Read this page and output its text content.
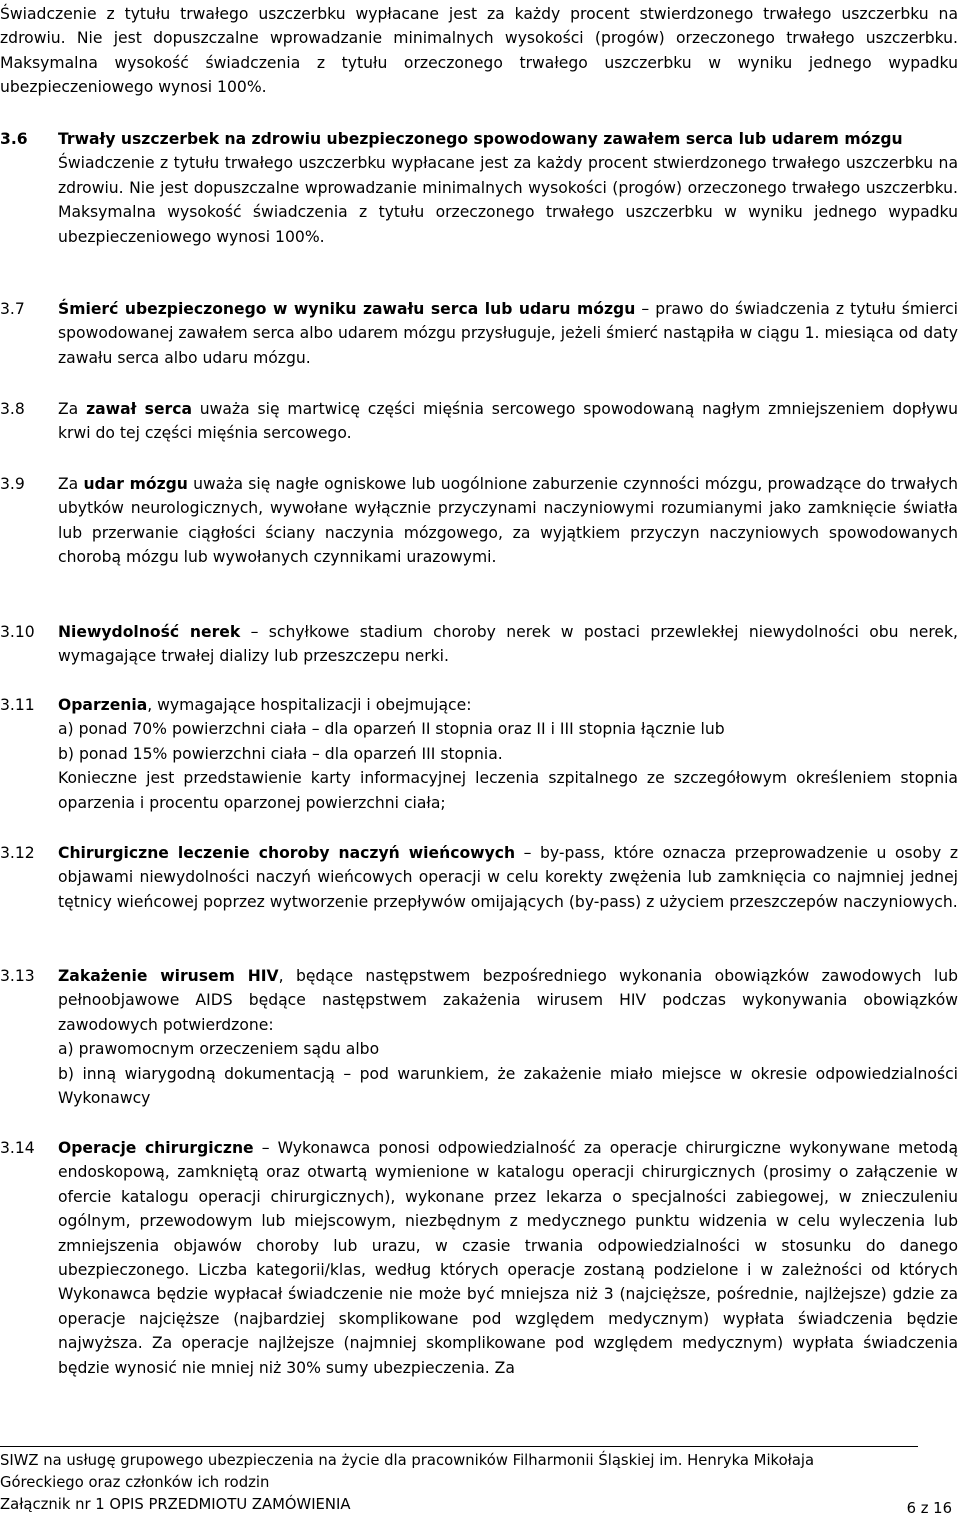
Świadczenie z tytułu trwałego uszczerbku wypłacane jest za każdy procent stwierdzonego trwałego uszczerbku na zdrowiu. Nie jest dopuszczalne wprowadzanie minimalnych wysokości (progów) orzeczonego trwałego uszczerbku. Maksymalna wysokość świadczenia z tytułu orzeczonego trwałego uszczerbku w wyniku jednego wypadku ubezpieczeniowego wynosi 100%.
3.6 Trwały uszczerbek na zdrowiu ubezpieczonego spowodowany zawałem serca lub udarem mózgu
Świadczenie z tytułu trwałego uszczerbku wypłacane jest za każdy procent stwierdzonego trwałego uszczerbku na zdrowiu. Nie jest dopuszczalne wprowadzanie minimalnych wysokości (progów) orzeczonego trwałego uszczerbku. Maksymalna wysokość świadczenia z tytułu orzeczonego trwałego uszczerbku w wyniku jednego wypadku ubezpieczeniowego wynosi 100%.
3.7 Śmierć ubezpieczonego w wyniku zawału serca lub udaru mózgu – prawo do świadczenia z tytułu śmierci spowodowanej zawałem serca albo udarem mózgu przysługuje, jeżeli śmierć nastąpiła w ciągu 1. miesiąca od daty zawału serca albo udaru mózgu.
3.8 Za zawał serca uważa się martwicę części mięśnia sercowego spowodowaną nagłym zmniejszeniem dopływu krwi do tej części mięśnia sercowego.
3.9 Za udar mózgu uważa się nagłe ogniskowe lub uogólnione zaburzenie czynności mózgu, prowadzące do trwałych ubytków neurologicznych, wywołane wyłącznie przyczynami naczyniowymi rozumianymi jako zamknięcie światła lub przerwanie ciągłości ściany naczynia mózgowego, za wyjątkiem przyczyn naczyniowych spowodowanych chorobą mózgu lub wywołanych czynnikami urazowymi.
3.10 Niewydolność nerek – schyłkowe stadium choroby nerek w postaci przewlekłej niewydolności obu nerek, wymagające trwałej dializy lub przeszczepu nerki.
3.11 Oparzenia, wymagające hospitalizacji i obejmujące:
a) ponad 70% powierzchni ciała – dla oparzeń II stopnia oraz II i III stopnia łącznie lub
b) ponad 15% powierzchni ciała – dla oparzeń III stopnia.
Konieczne jest przedstawienie karty informacyjnej leczenia szpitalnego ze szczegółowym określeniem stopnia oparzenia i procentu oparzonej powierzchni ciała;
3.12 Chirurgiczne leczenie choroby naczyń wieńcowych – by-pass, które oznacza przeprowadzenie u osoby z objawami niewydolności naczyń wieńcowych operacji w celu korekty zwężenia lub zamknięcia co najmniej jednej tętnicy wieńcowej poprzez wytworzenie przepływów omijających (by-pass) z użyciem przeszczepów naczyniowych.
3.13 Zakażenie wirusem HIV, będące następstwem bezpośredniego wykonania obowiązków zawodowych lub pełnoobjawowe AIDS będące następstwem zakażenia wirusem HIV podczas wykonywania obowiązków zawodowych potwierdzone:
a) prawomocnym orzeczeniem sądu albo
b) inną wiarygodną dokumentacją – pod warunkiem, że zakażenie miało miejsce w okresie odpowiedzialności Wykonawcy
3.14 Operacje chirurgiczne – Wykonawca ponosi odpowiedzialność za operacje chirurgiczne wykonywane metodą endoskopową, zamkniętą oraz otwartą wymienione w katalogu operacji chirurgicznych (prosimy o załączenie w ofercie katalogu operacji chirurgicznych), wykonane przez lekarza o specjalności zabiegowej, w znieczuleniu ogólnym, przewodowym lub miejscowym, niezbędnym z medycznego punktu widzenia w celu wyleczenia lub zmniejszenia objawów choroby lub urazu, w czasie trwania odpowiedzialności w stosunku do danego ubezpieczonego. Liczba kategorii/klas, według których operacje zostaną podzielone i w zależności od których Wykonawca będzie wypłacał świadczenie nie może być mniejsza niż 3 (najcięższe, pośrednie, najlżejsze) gdzie za operacje najcięższe (najbardziej skomplikowane pod względem medycznym) wypłata świadczenia będzie najwyższa. Za operacje najlżejsze (najmniej skomplikowane pod względem medycznym) wypłata świadczenia będzie wynosić nie mniej niż 30% sumy ubezpieczenia. Za
SIWZ na usługę grupowego ubezpieczenia na życie dla pracowników Filharmonii Śląskiej im. Henryka Mikołaja
Góreckiego oraz członków ich rodzin
Załącznik nr 1 OPIS PRZEDMIOTU ZAMÓWIENIA	6 z 16
